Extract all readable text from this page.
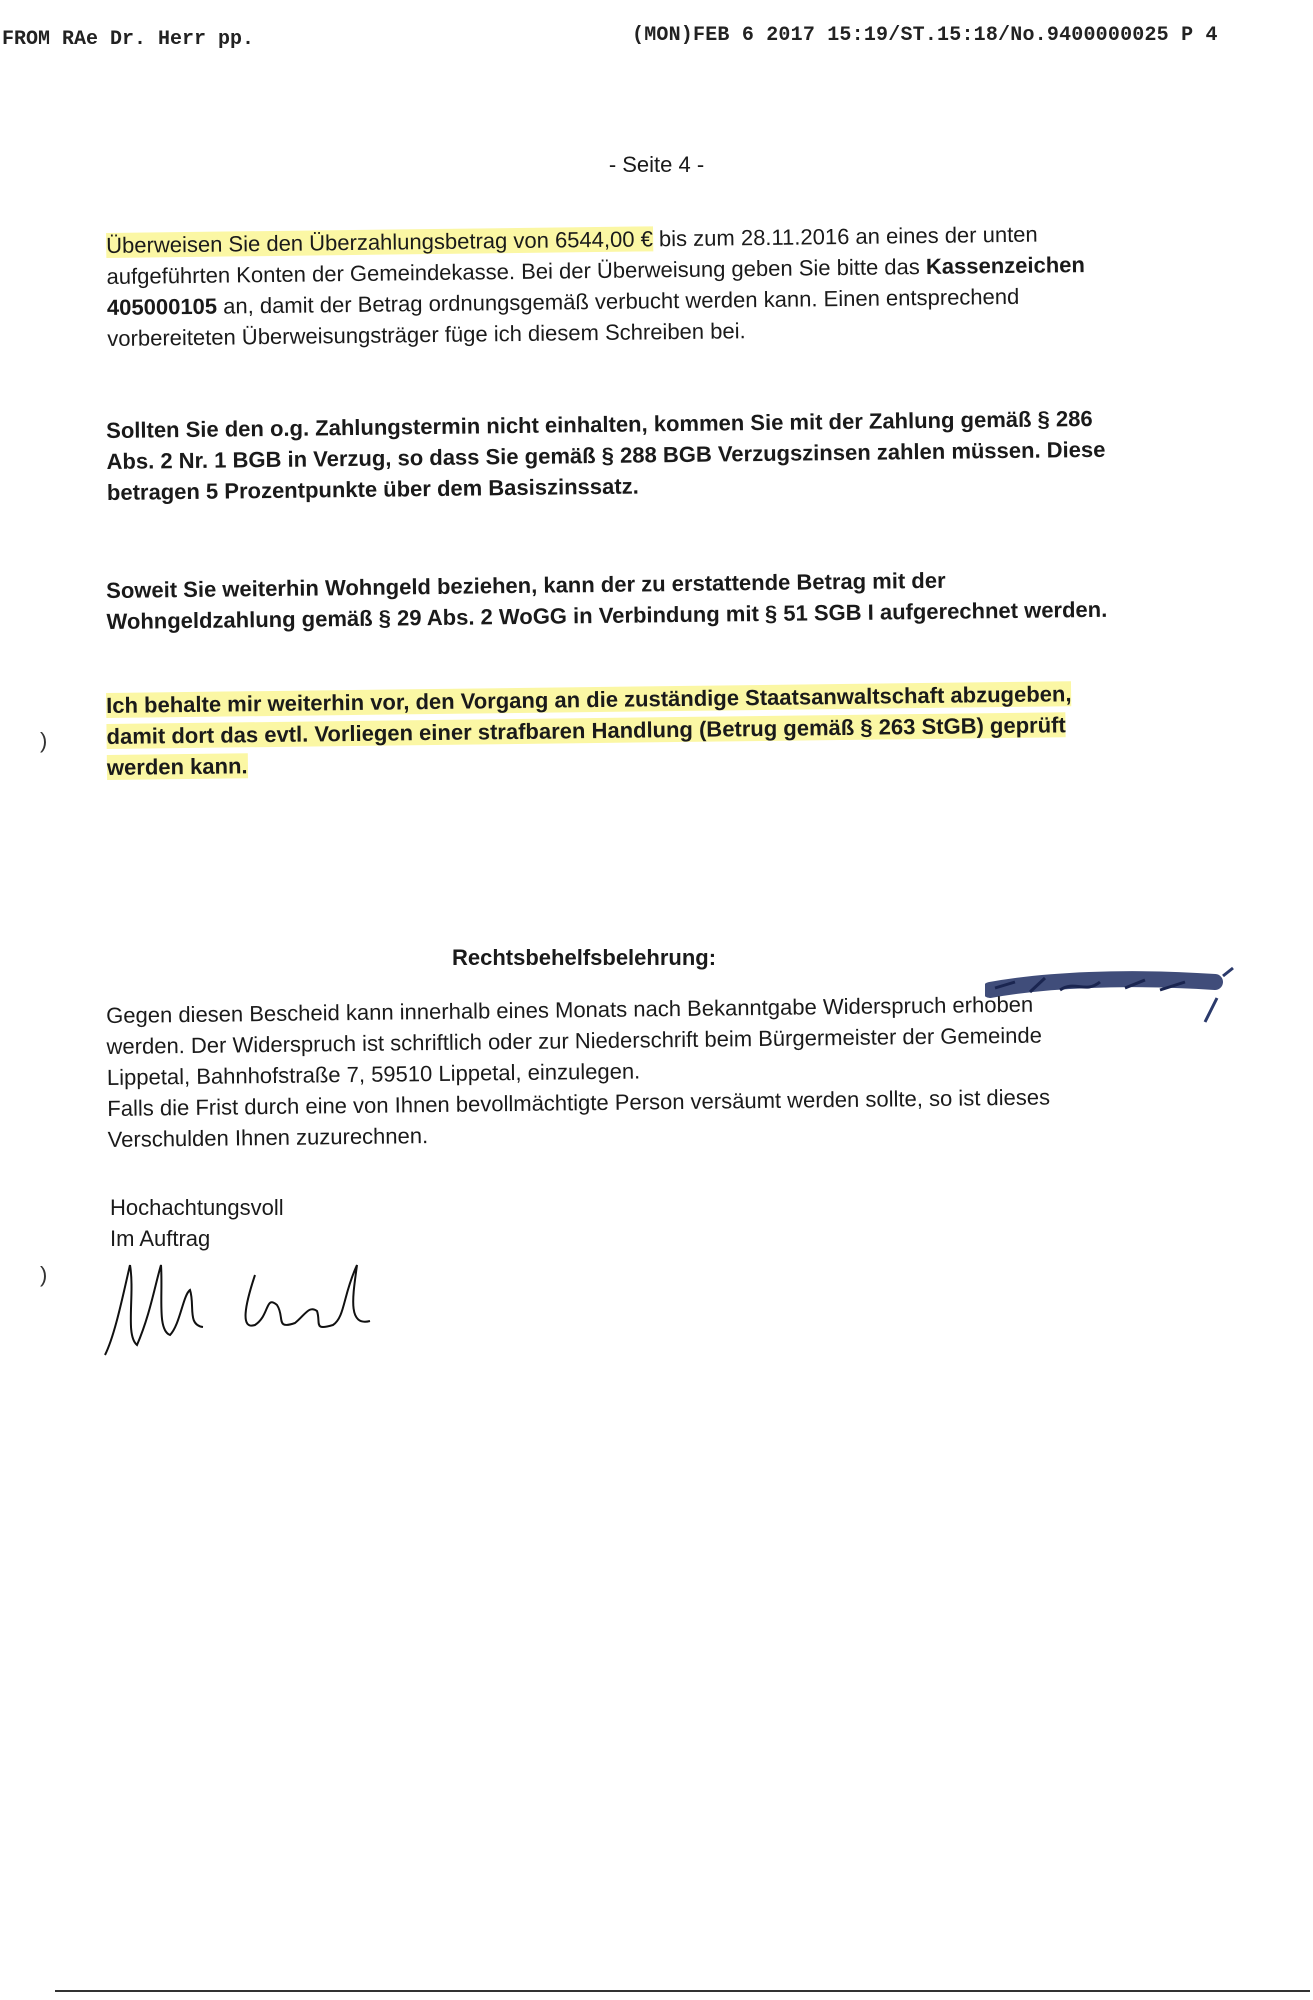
FROM RAe Dr. Herr pp.	(MON)FEB 6 2017 15:19/ST.15:18/No.9400000025 P 4
- Seite 4 -
Überweisen Sie den Überzahlungsbetrag von 6544,00 € bis zum 28.11.2016 an eines der unten aufgeführten Konten der Gemeindekasse. Bei der Überweisung geben Sie bitte das Kassenzeichen 405000105 an, damit der Betrag ordnungsgemäß verbucht werden kann. Einen entsprechend vorbereiteten Überweisungsträger füge ich diesem Schreiben bei.
Sollten Sie den o.g. Zahlungstermin nicht einhalten, kommen Sie mit der Zahlung gemäß § 286 Abs. 2 Nr. 1 BGB in Verzug, so dass Sie gemäß § 288 BGB Verzugszinsen zahlen müssen. Diese betragen 5 Prozentpunkte über dem Basiszinssatz.
Soweit Sie weiterhin Wohngeld beziehen, kann der zu erstattende Betrag mit der Wohngeldzahlung gemäß § 29 Abs. 2 WoGG in Verbindung mit § 51 SGB I aufgerechnet werden.
Ich behalte mir weiterhin vor, den Vorgang an die zuständige Staatsanwaltschaft abzugeben, damit dort das evtl. Vorliegen einer strafbaren Handlung (Betrug gemäß § 263 StGB) geprüft werden kann.
)
Rechtsbehelfsbelehrung:
Gegen diesen Bescheid kann innerhalb eines Monats nach Bekanntgabe Widerspruch erhoben werden. Der Widerspruch ist schriftlich oder zur Niederschrift beim Bürgermeister der Gemeinde Lippetal, Bahnhofstraße 7, 59510 Lippetal, einzulegen.
Falls die Frist durch eine von Ihnen bevollmächtigte Person versäumt werden sollte, so ist dieses Verschulden Ihnen zuzurechnen.
Hochachtungsvoll
Im Auftrag
)
